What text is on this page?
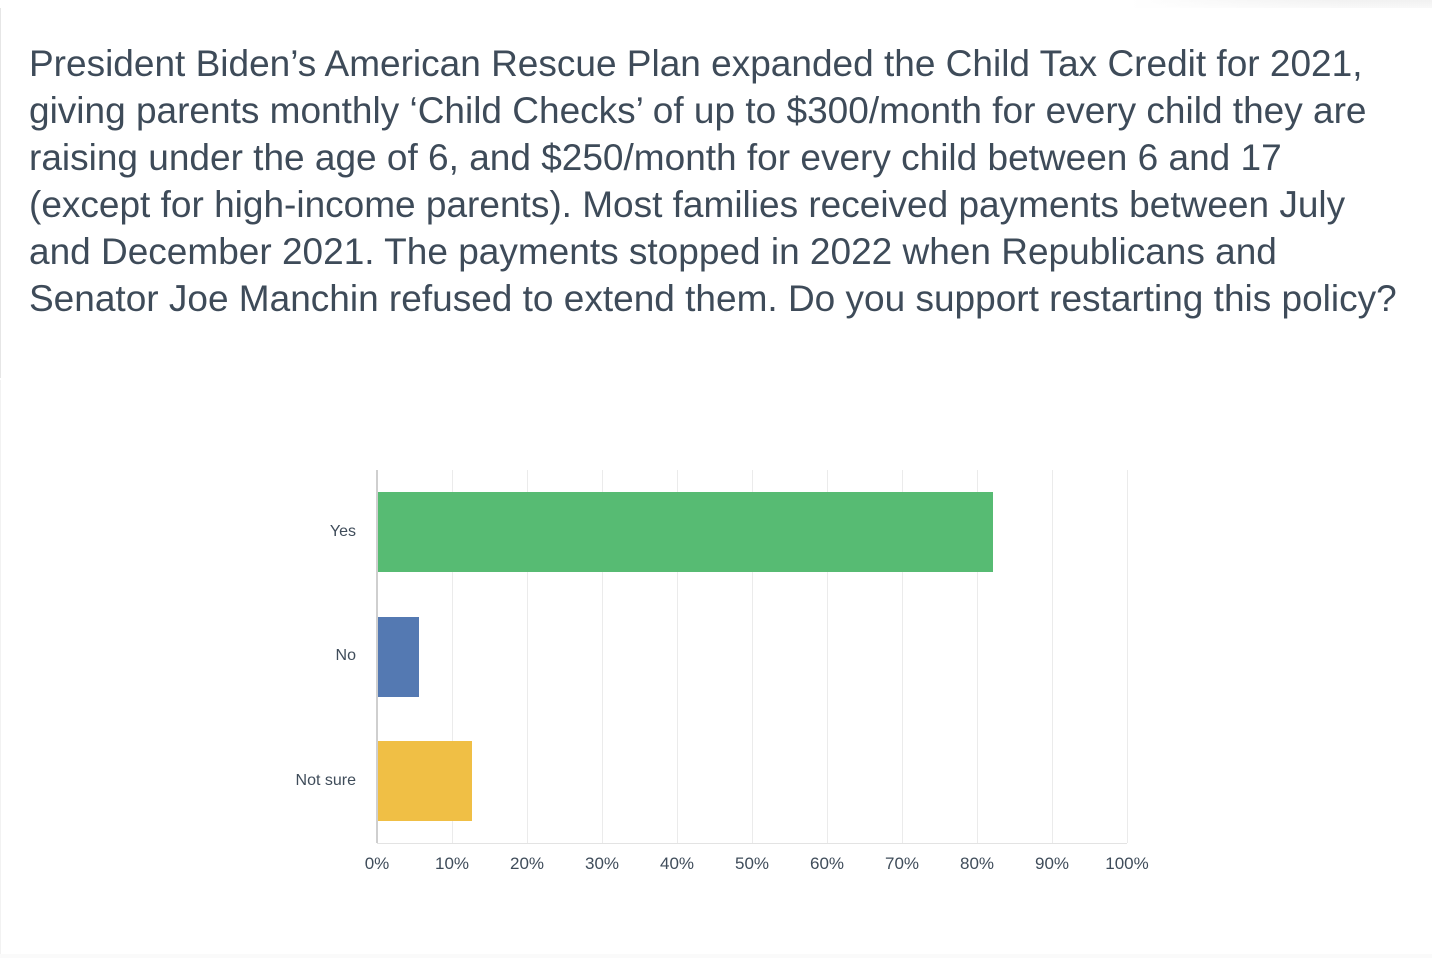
President Biden’s American Rescue Plan expanded the Child Tax Credit for 2021, giving parents monthly ‘Child Checks’ of up to $300/month for every child they are raising under the age of 6, and $250/month for every child between 6 and 17 (except for high-income parents). Most families received payments between July and December 2021. The payments stopped in 2022 when Republicans and Senator Joe Manchin refused to extend them. Do you support restarting this policy?

Yes
No
Not sure
0%	10% 20% 30% 40% 50% 60% 70% 80% 90% 100%
